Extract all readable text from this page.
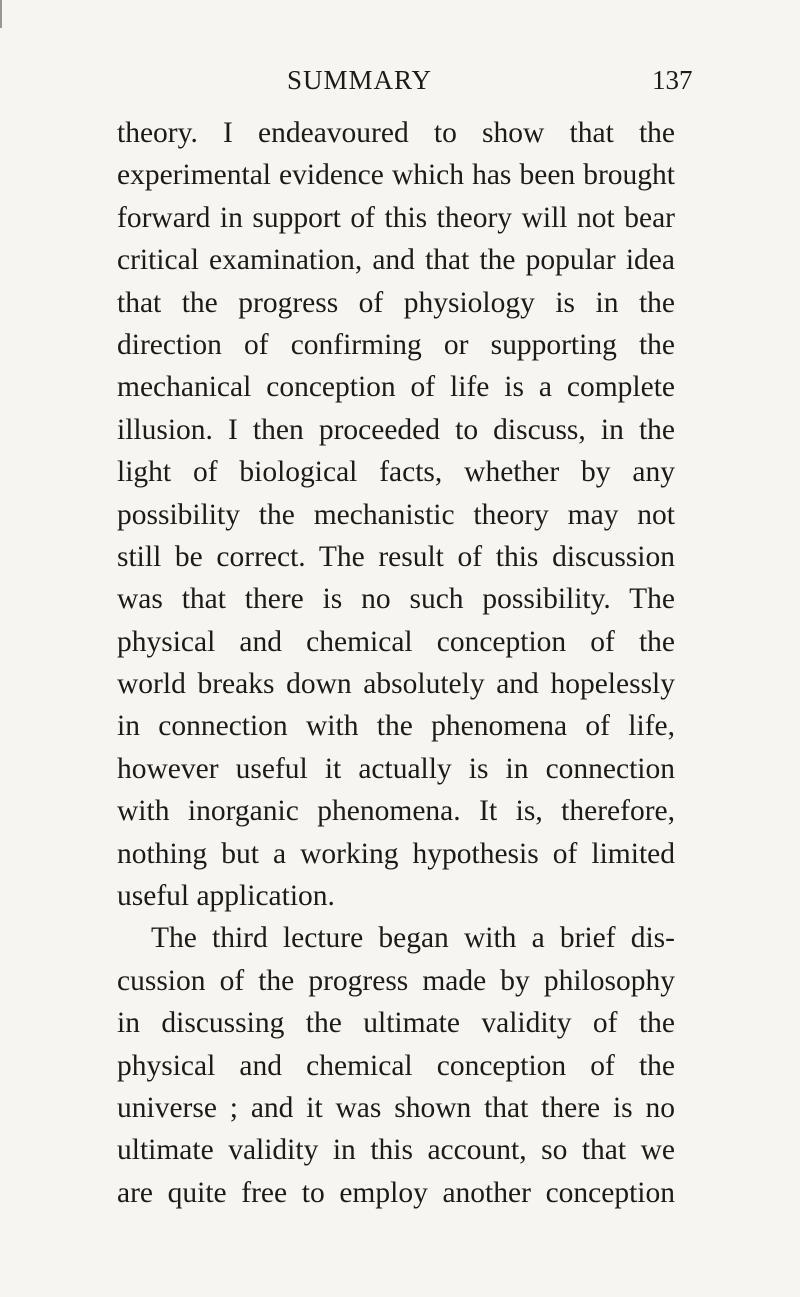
SUMMARY	137
theory. I endeavoured to show that the
experimental evidence which has been brought
forward in support of this theory will not bear
critical examination, and that the popular idea
that the progress of physiology is in the
direction of confirming or supporting the
mechanical conception of life is a complete
illusion. I then proceeded to discuss, in the
light of biological facts, whether by any
possibility the mechanistic theory may not
still be correct. The result of this discussion
was that there is no such possibility. The
physical and chemical conception of the
world breaks down absolutely and hopelessly
in connection with the phenomena of life,
however useful it actually is in connection
with inorganic phenomena. It is, therefore,
nothing but a working hypothesis of limited
useful application.
The third lecture began with a brief dis-
cussion of the progress made by philosophy
in discussing the ultimate validity of the
physical and chemical conception of the
universe ; and it was shown that there is no
ultimate validity in this account, so that we
are quite free to employ another conception
